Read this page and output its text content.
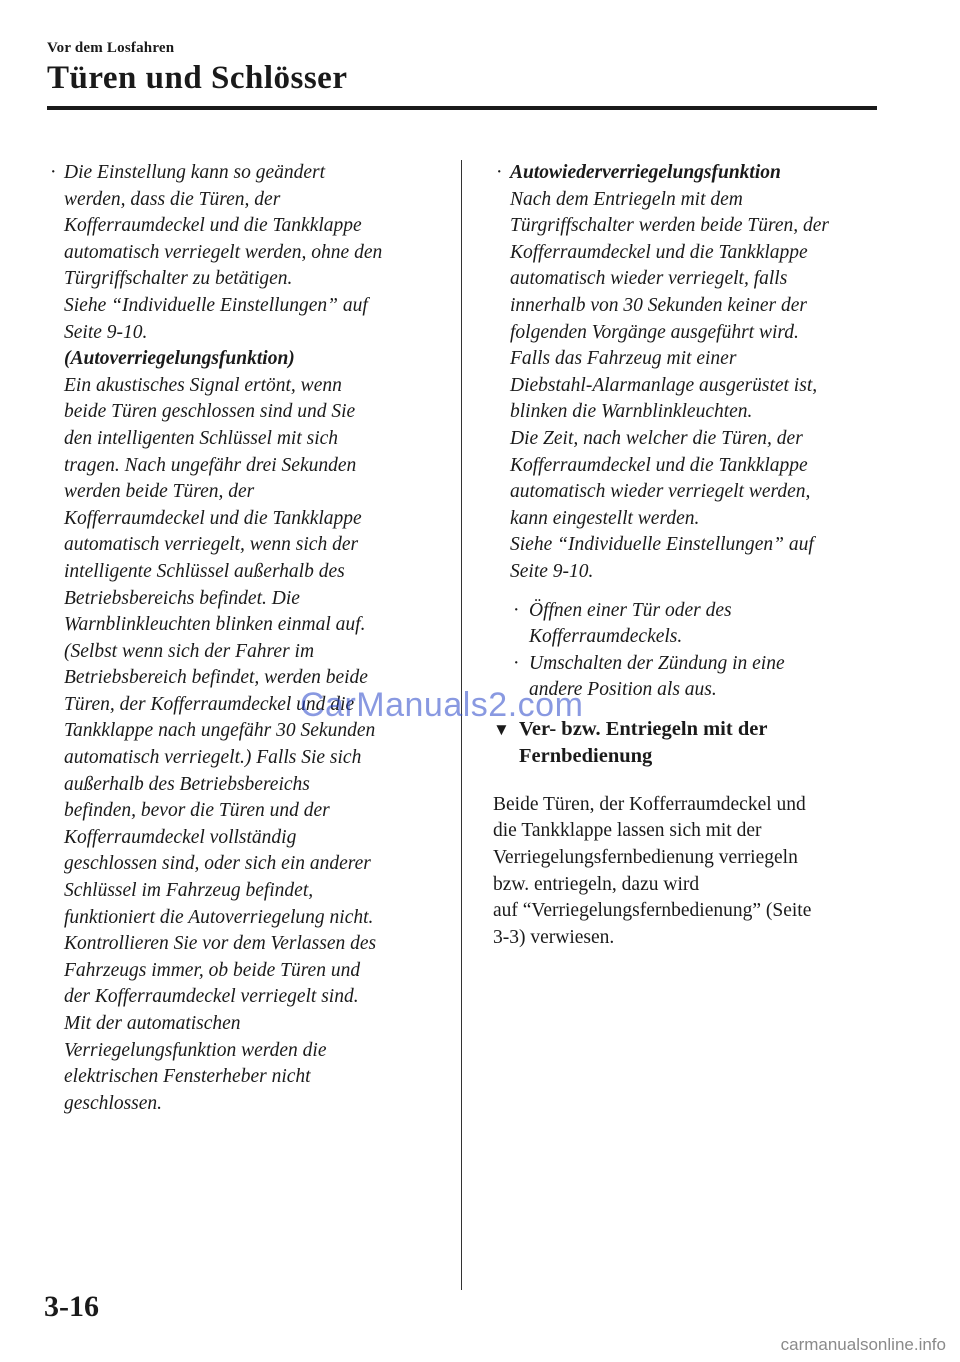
Vor dem Losfahren
Türen und Schlösser
· Die Einstellung kann so geändert
werden, dass die Türen, der
Kofferraumdeckel und die Tankklappe
automatisch verriegelt werden, ohne den
Türgriffschalter zu betätigen.
Siehe “Individuelle Einstellungen” auf
Seite 9-10.
(Autoverriegelungsfunktion)
Ein akustisches Signal ertönt, wenn
beide Türen geschlossen sind und Sie
den intelligenten Schlüssel mit sich
tragen. Nach ungefähr drei Sekunden
werden beide Türen, der
Kofferraumdeckel und die Tankklappe
automatisch verriegelt, wenn sich der
intelligente Schlüssel außerhalb des
Betriebsbereichs befindet. Die
Warnblinkleuchten blinken einmal auf.
(Selbst wenn sich der Fahrer im
Betriebsbereich befindet, werden beide
Türen, der Kofferraumdeckel und die
Tankklappe nach ungefähr 30 Sekunden
automatisch verriegelt.) Falls Sie sich
außerhalb des Betriebsbereichs
befinden, bevor die Türen und der
Kofferraumdeckel vollständig
geschlossen sind, oder sich ein anderer
Schlüssel im Fahrzeug befindet,
funktioniert die Autoverriegelung nicht.
Kontrollieren Sie vor dem Verlassen des
Fahrzeugs immer, ob beide Türen und
der Kofferraumdeckel verriegelt sind.
Mit der automatischen
Verriegelungsfunktion werden die
elektrischen Fensterheber nicht
geschlossen.
· Autowiederverriegelungsfunktion
Nach dem Entriegeln mit dem
Türgriffschalter werden beide Türen, der
Kofferraumdeckel und die Tankklappe
automatisch wieder verriegelt, falls
innerhalb von 30 Sekunden keiner der
folgenden Vorgänge ausgeführt wird.
Falls das Fahrzeug mit einer
Diebstahl-Alarmanlage ausgerüstet ist,
blinken die Warnblinkleuchten.
Die Zeit, nach welcher die Türen, der
Kofferraumdeckel und die Tankklappe
automatisch wieder verriegelt werden,
kann eingestellt werden.
Siehe “Individuelle Einstellungen” auf
Seite 9-10.
· Öffnen einer Tür oder des
Kofferraumdeckels.
· Umschalten der Zündung in eine
andere Position als aus.
▼ Ver- bzw. Entriegeln mit der
Fernbedienung
Beide Türen, der Kofferraumdeckel und
die Tankklappe lassen sich mit der
Verriegelungsfernbedienung verriegeln
bzw. entriegeln, dazu wird
auf “Verriegelungsfernbedienung” (Seite
3-3) verwiesen.
CarManuals2.com
3-16
carmanualsonline.info
